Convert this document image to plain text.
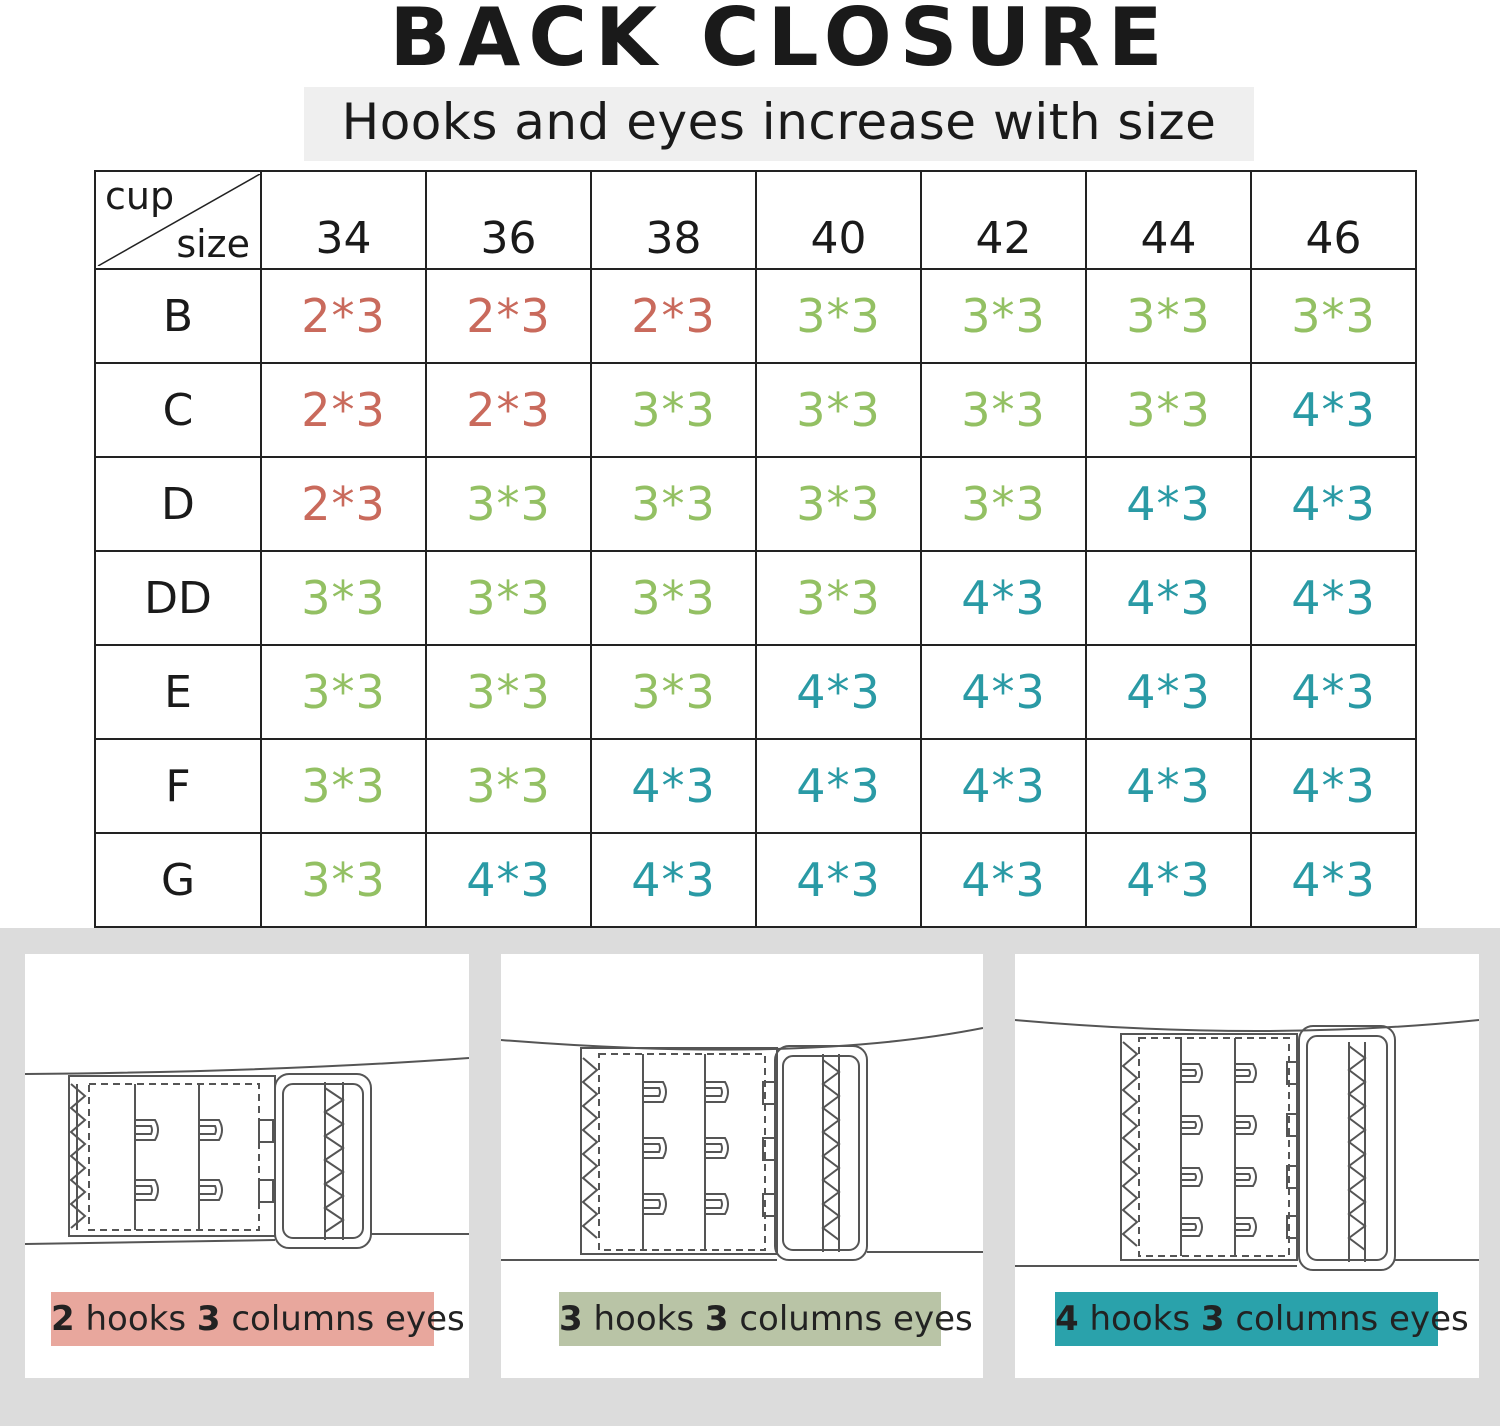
BACK CLOSURE
Hooks and eyes increase with size
cup
size	34	36	38	40	42	44	46
B	2*3	2*3	2*3	3*3	3*3	3*3	3*3
C	2*3	2*3	3*3	3*3	3*3	3*3	4*3
D	2*3	3*3	3*3	3*3	3*3	4*3	4*3
DD	3*3	3*3	3*3	3*3	4*3	4*3	4*3
E	3*3	3*3	3*3	4*3	4*3	4*3	4*3
F	3*3	3*3	4*3	4*3	4*3	4*3	4*3
G	3*3	4*3	4*3	4*3	4*3	4*3	4*3
2 hooks 3 columns eyes	3 hooks 3 columns eyes 4 hooks 3 columns eyes
